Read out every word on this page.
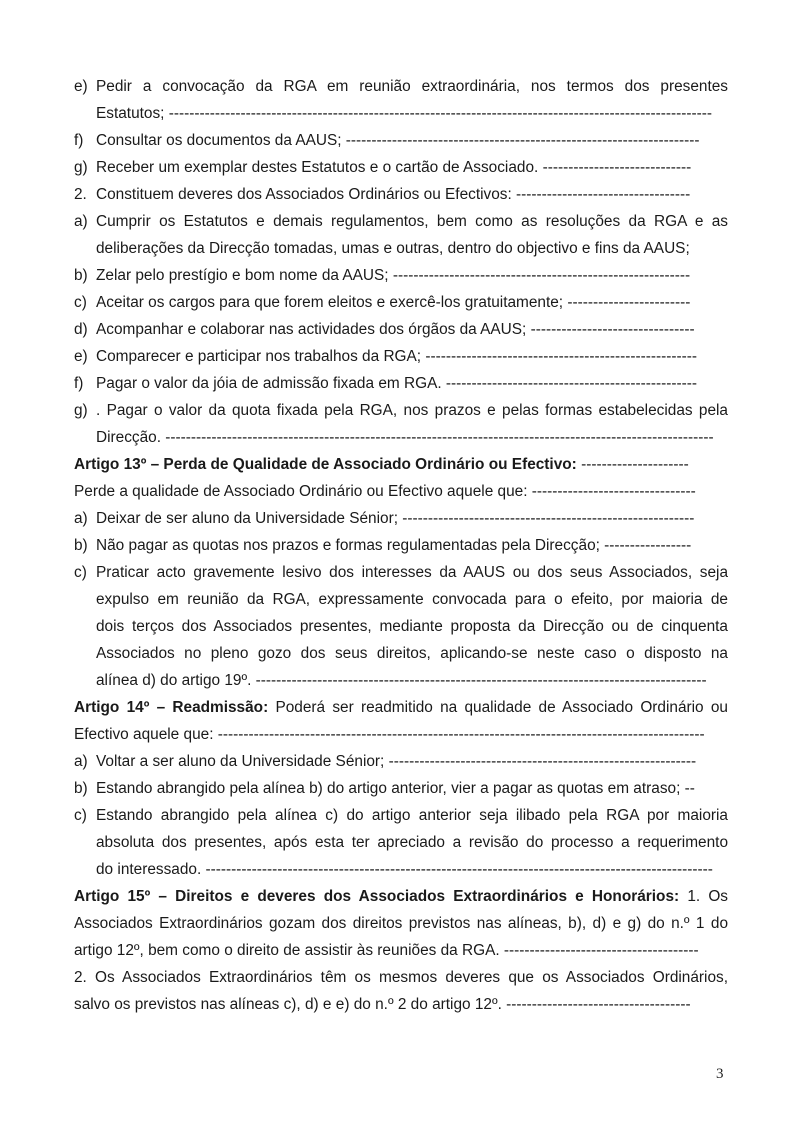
e) Pedir a convocação da RGA em reunião extraordinária, nos termos dos presentes
Estatutos; ----------------------------------------------------------------------------------------------------------
f) Consultar os documentos da AAUS; ---------------------------------------------------------------------
g) Receber um exemplar destes Estatutos e o cartão de Associado. -----------------------------
2. Constituem deveres dos Associados Ordinários ou Efectivos: ----------------------------------
a) Cumprir os Estatutos e demais regulamentos, bem como as resoluções da RGA e as
deliberações da Direcção tomadas, umas e outras, dentro do objectivo e fins da AAUS;
b) Zelar pelo prestígio e bom nome da AAUS; ----------------------------------------------------------
c) Aceitar os cargos para que forem eleitos e exercê-los gratuitamente; ------------------------
d) Acompanhar e colaborar nas actividades dos órgãos da AAUS; --------------------------------
e) Comparecer e participar nos trabalhos da RGA; -----------------------------------------------------
f) Pagar o valor da jóia de admissão fixada em RGA. -------------------------------------------------
g) . Pagar o valor da quota fixada pela RGA, nos prazos e pelas formas estabelecidas pela
Direcção. -----------------------------------------------------------------------------------------------------------
Artigo 13º – Perda de Qualidade de Associado Ordinário ou Efectivo: ---------------------
Perde a qualidade de Associado Ordinário ou Efectivo aquele que: --------------------------------
a) Deixar de ser aluno da Universidade Sénior; ---------------------------------------------------------
b) Não pagar as quotas nos prazos e formas regulamentadas pela Direcção; -----------------
c) Praticar acto gravemente lesivo dos interesses da AAUS ou dos seus Associados, seja
expulso em reunião da RGA, expressamente convocada para o efeito, por maioria de
dois terços dos Associados presentes, mediante proposta da Direcção ou de cinquenta
Associados no pleno gozo dos seus direitos, aplicando-se neste caso o disposto na
alínea d) do artigo 19º. ----------------------------------------------------------------------------------------
Artigo 14º – Readmissão: Poderá ser readmitido na qualidade de Associado Ordinário ou
Efectivo aquele que: -----------------------------------------------------------------------------------------------
a) Voltar a ser aluno da Universidade Sénior; ------------------------------------------------------------
b) Estando abrangido pela alínea b) do artigo anterior, vier a pagar as quotas em atraso; --
c) Estando abrangido pela alínea c) do artigo anterior seja ilibado pela RGA por maioria
absoluta dos presentes, após esta ter apreciado a revisão do processo a requerimento
do interessado. ---------------------------------------------------------------------------------------------------
Artigo 15º – Direitos e deveres dos Associados Extraordinários e Honorários: 1. Os
Associados Extraordinários gozam dos direitos previstos nas alíneas, b), d) e g) do n.º 1 do
artigo 12º, bem como o direito de assistir às reuniões da RGA. --------------------------------------
2. Os Associados Extraordinários têm os mesmos deveres que os Associados Ordinários,
salvo os previstos nas alíneas c), d) e e) do n.º 2 do artigo 12º. ------------------------------------
3
